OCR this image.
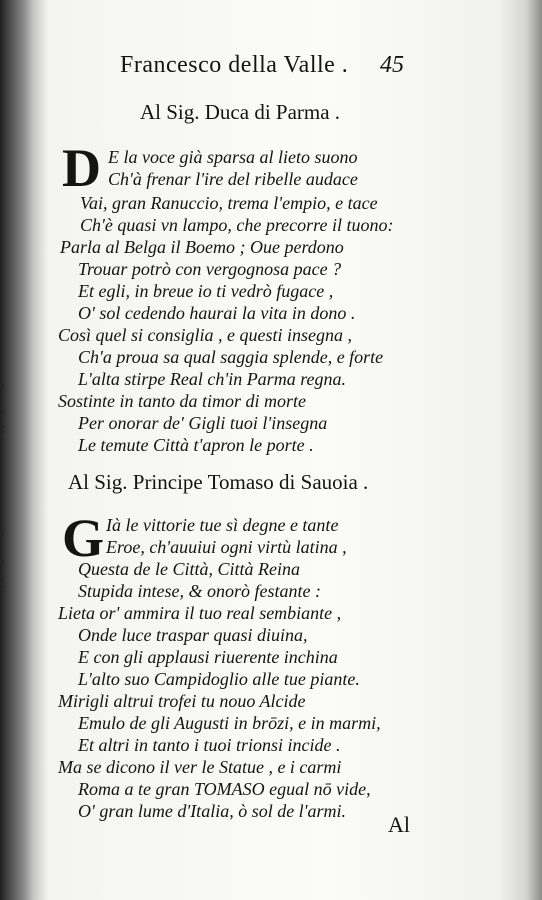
,
,
:
,
,
:
Francesco della Valle .	45
Al Sig. Duca di Parma .
D E la voce già sparsa al lieto suono
Ch'à frenar l'ire del ribelle audace
Vai, gran Ranuccio, trema l'empio, e tace
Ch'è quasi vn lampo, che precorre il tuono:
Parla al Belga il Boemo ; Oue perdono
Trouar potrò con vergognosa pace ?
Et egli, in breue io ti vedrò fugace ,
O' sol cedendo haurai la vita in dono .
Così quel si consiglia , e questi insegna ,
Ch'a proua sa qual saggia splende, e forte
L'alta stirpe Real ch'in Parma regna.
Sostinte in tanto da timor di morte
Per onorar de' Gigli tuoi l'insegna
Le temute Città t'apron le porte .
Al Sig. Principe Tomaso di Sauoia .
G Ià le vittorie tue sì degne e tante
Eroe, ch'auuiui ogni virtù latina ,
Questa de le Città, Città Reina
Stupida intese, & onorò festante :
Lieta or' ammira il tuo real sembiante ,
Onde luce traspar quasi diuina,
E con gli applausi riuerente inchina
L'alto suo Campidoglio alle tue piante.
Mirigli altrui trofei tu nouo Alcide
Emulo de gli Augusti in brōzi, e in marmi,
Et altri in tanto i tuoi trionsi incide .
Ma se dicono il ver le Statue , e i carmi
Roma a te gran TOMASO egual nō vide,
O' gran lume d'Italia, ò sol de l'armi.
Al
